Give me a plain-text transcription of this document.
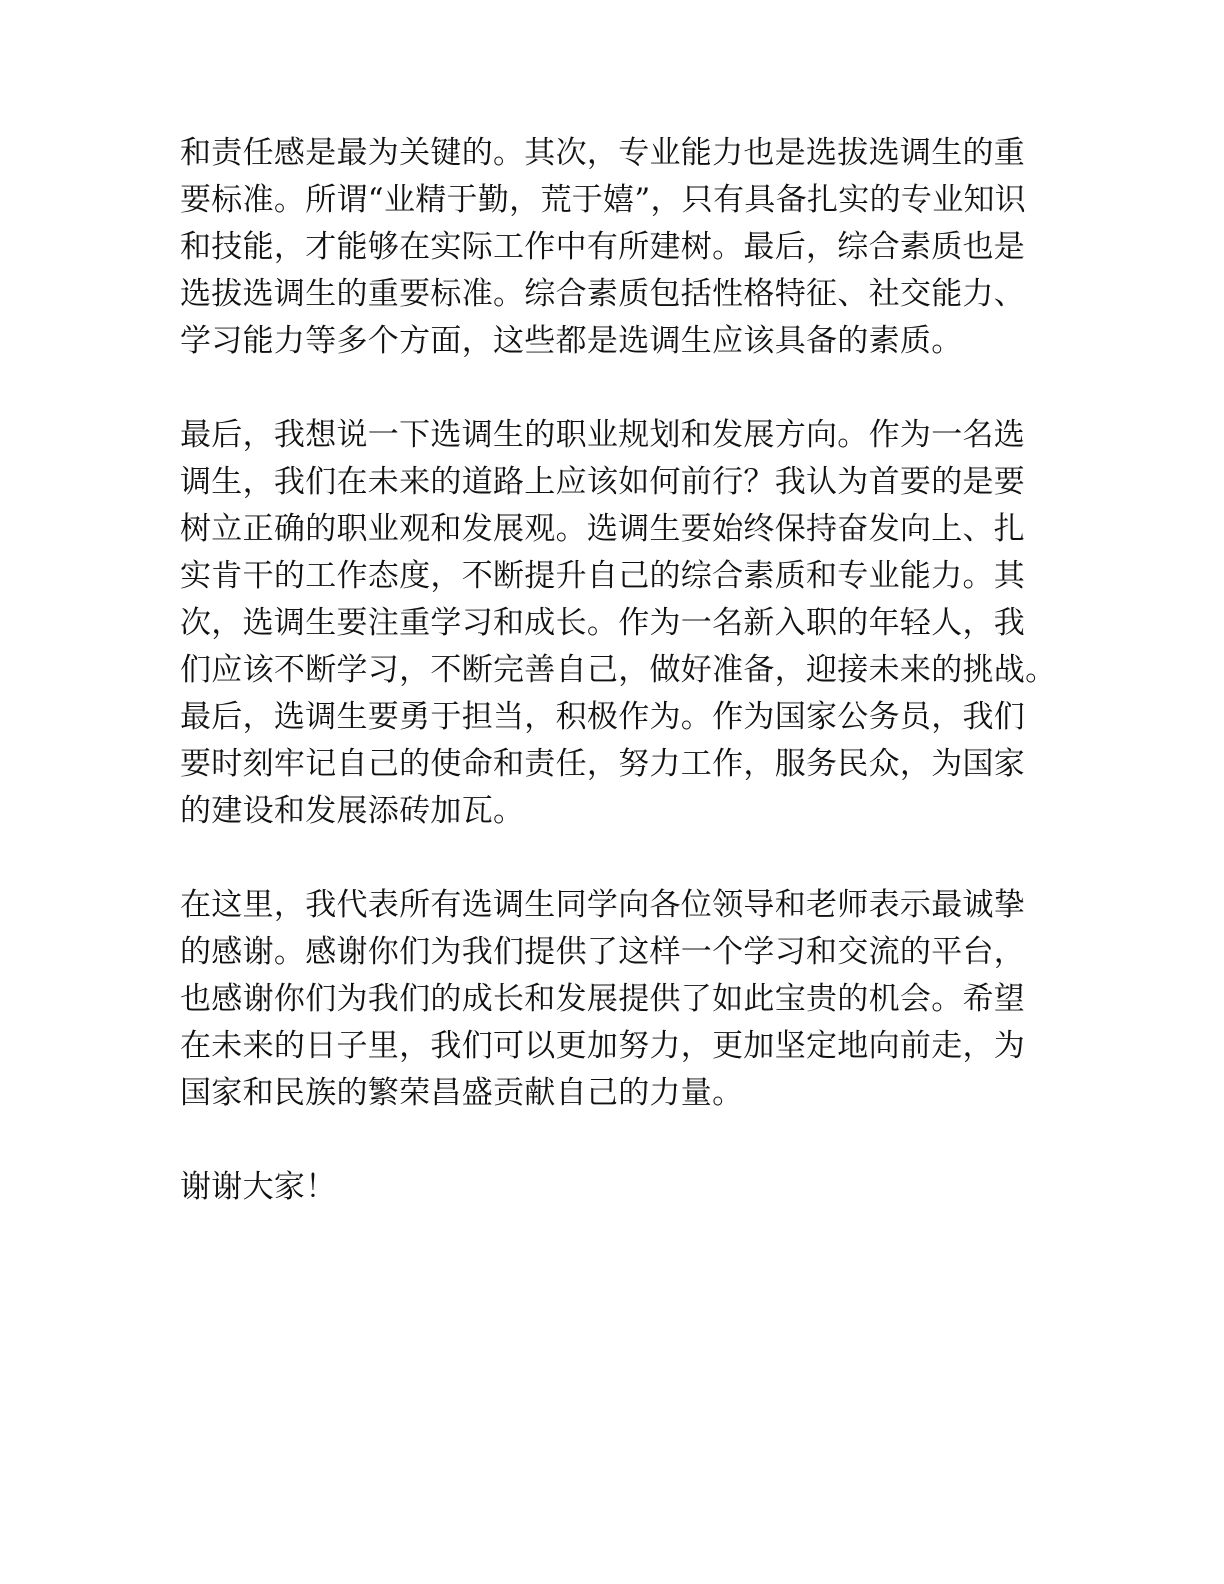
和责任感是最为关键的。其次，专业能力也是选拔选调生的重
要标准。所谓“业精于勤，荒于嬉”，只有具备扎实的专业知识
和技能，才能够在实际工作中有所建树。最后，综合素质也是
选拔选调生的重要标准。综合素质包括性格特征、社交能力、
学习能力等多个方面，这些都是选调生应该具备的素质。
最后，我想说一下选调生的职业规划和发展方向。作为一名选
调生，我们在未来的道路上应该如何前行？我认为首要的是要
树立正确的职业观和发展观。选调生要始终保持奋发向上、扎
实肯干的工作态度，不断提升自己的综合素质和专业能力。其
次，选调生要注重学习和成长。作为一名新入职的年轻人，我
们应该不断学习，不断完善自己，做好准备，迎接未来的挑战。
最后，选调生要勇于担当，积极作为。作为国家公务员，我们
要时刻牢记自己的使命和责任，努力工作，服务民众，为国家
的建设和发展添砖加瓦。
在这里，我代表所有选调生同学向各位领导和老师表示最诚挚
的感谢。感谢你们为我们提供了这样一个学习和交流的平台，
也感谢你们为我们的成长和发展提供了如此宝贵的机会。希望
在未来的日子里，我们可以更加努力，更加坚定地向前走，为
国家和民族的繁荣昌盛贡献自己的力量。
谢谢大家！
